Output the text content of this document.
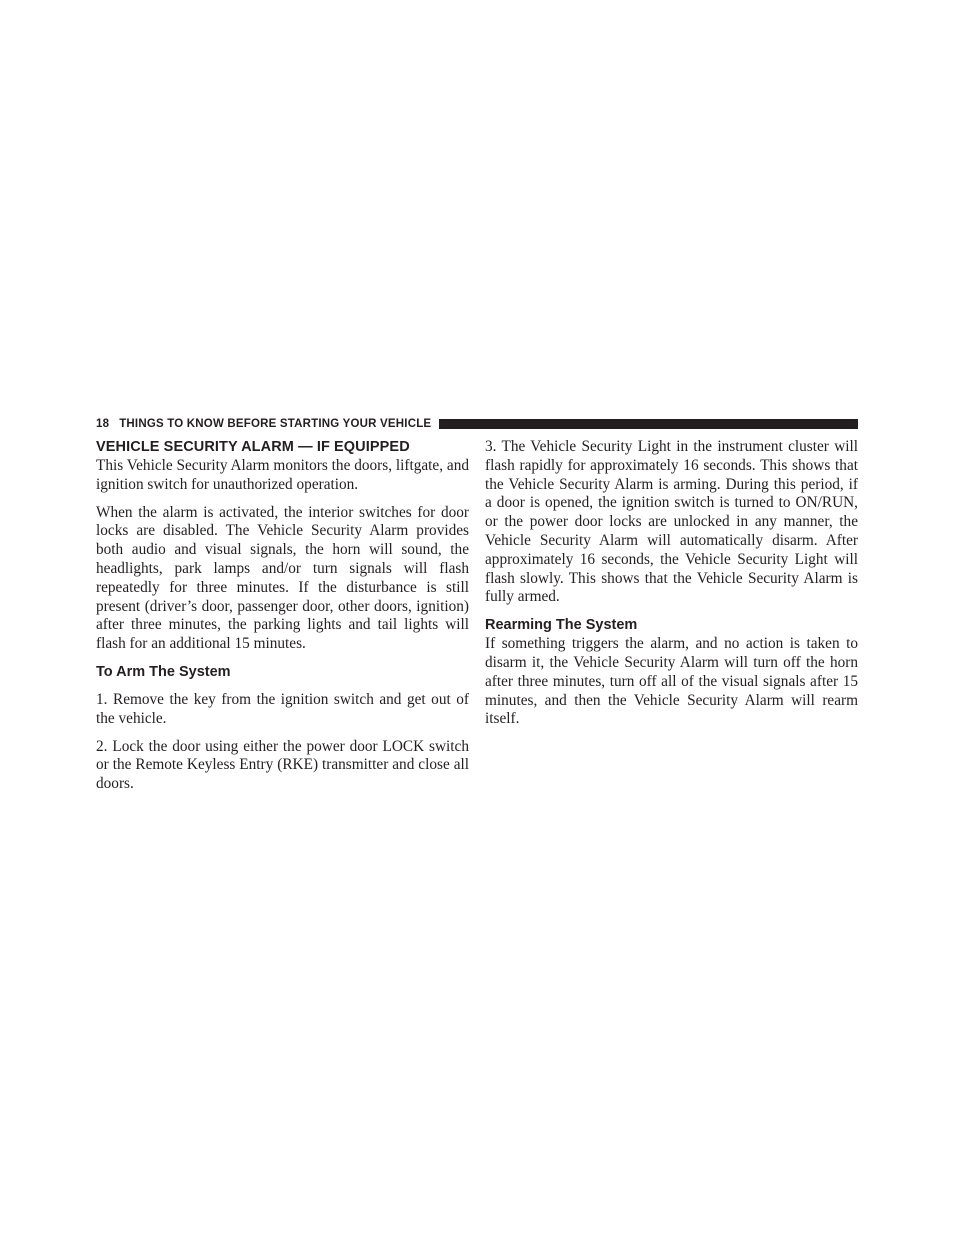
18 THINGS TO KNOW BEFORE STARTING YOUR VEHICLE
VEHICLE SECURITY ALARM — IF EQUIPPED

This Vehicle Security Alarm monitors the doors, liftgate, and ignition switch for unauthorized operation.

When the alarm is activated, the interior switches for door locks are disabled. The Vehicle Security Alarm provides both audio and visual signals, the horn will sound, the headlights, park lamps and/or turn signals will flash repeatedly for three minutes. If the disturbance is still present (driver’s door, passenger door, other doors, ignition) after three minutes, the parking lights and tail lights will flash for an additional 15 minutes.

To Arm The System

1. Remove the key from the ignition switch and get out of the vehicle.

2. Lock the door using either the power door LOCK switch or the Remote Keyless Entry (RKE) transmitter and close all doors.

3. The Vehicle Security Light in the instrument cluster will flash rapidly for approximately 16 seconds. This shows that the Vehicle Security Alarm is arming. During this period, if a door is opened, the ignition switch is turned to ON/RUN, or the power door locks are unlocked in any manner, the Vehicle Security Alarm will automatically disarm. After approximately 16 seconds, the Vehicle Security Light will flash slowly. This shows that the Vehicle Security Alarm is fully armed.

Rearming The System

If something triggers the alarm, and no action is taken to disarm it, the Vehicle Security Alarm will turn off the horn after three minutes, turn off all of the visual signals after 15 minutes, and then the Vehicle Security Alarm will rearm itself.
